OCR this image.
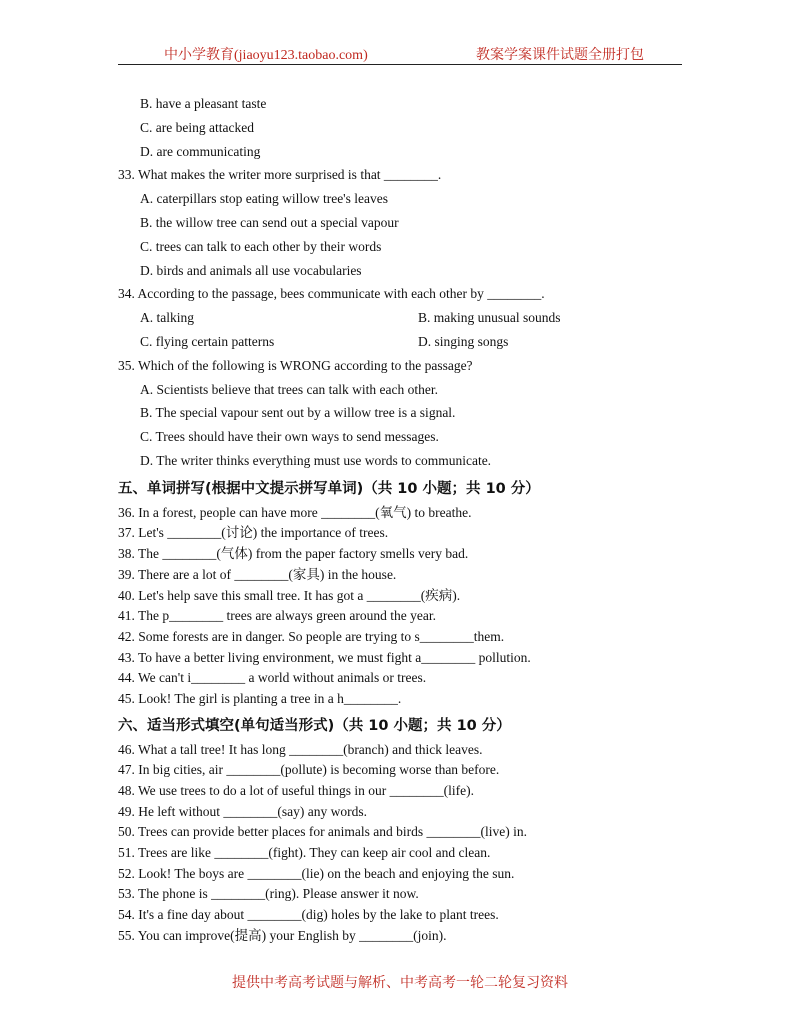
中小学教育(jiaoyu123.taobao.com)	教案学案课件试题全册打包
B. have a pleasant taste
C. are being attacked
D. are communicating
33. What makes the writer more surprised is that ________.
A. caterpillars stop eating willow tree's leaves
B. the willow tree can send out a special vapour
C. trees can talk to each other by their words
D. birds and animals all use vocabularies
34. According to the passage, bees communicate with each other by ________.
A. talking	B. making unusual sounds
C. flying certain patterns	D. singing songs
35. Which of the following is WRONG according to the passage?
A. Scientists believe that trees can talk with each other.
B. The special vapour sent out by a willow tree is a signal.
C. Trees should have their own ways to send messages.
D. The writer thinks everything must use words to communicate.
五、单词拼写(根据中文提示拼写单词)（共 10 小题；共 10 分）
36. In a forest, people can have more ________(氧气) to breathe.
37. Let's ________(讨论) the importance of trees.
38. The ________(气体) from the paper factory smells very bad.
39. There are a lot of ________(家具) in the house.
40. Let's help save this small tree. It has got a ________(疾病).
41. The p________ trees are always green around the year.
42. Some forests are in danger. So people are trying to s________them.
43. To have a better living environment, we must fight a________ pollution.
44. We can't i________ a world without animals or trees.
45. Look! The girl is planting a tree in a h________.
六、适当形式填空(单句适当形式)（共 10 小题；共 10 分）
46. What a tall tree! It has long ________(branch) and thick leaves.
47. In big cities, air ________(pollute) is becoming worse than before.
48. We use trees to do a lot of useful things in our ________(life).
49. He left without ________(say) any words.
50. Trees can provide better places for animals and birds ________(live) in.
51. Trees are like ________(fight). They can keep air cool and clean.
52. Look! The boys are ________(lie) on the beach and enjoying the sun.
53. The phone is ________(ring). Please answer it now.
54. It's a fine day about ________(dig) holes by the lake to plant trees.
55. You can improve(提高) your English by ________(join).
提供中考高考试题与解析、中考高考一轮二轮复习资料
